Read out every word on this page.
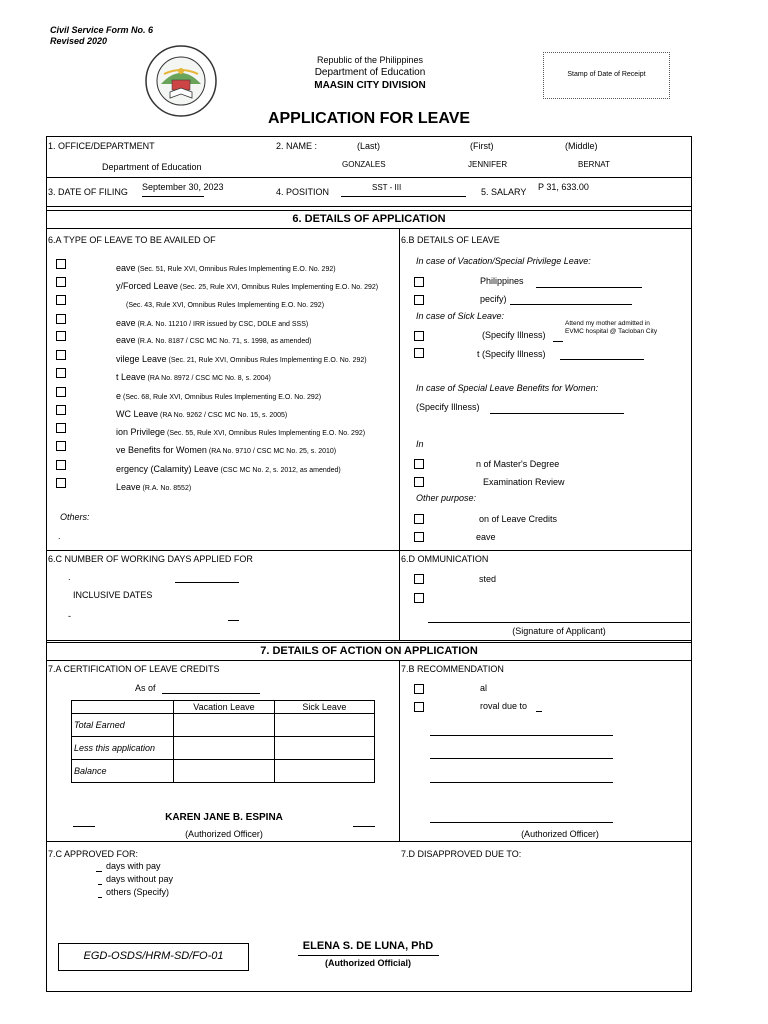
Civil Service Form No. 6
Revised 2020
Republic of the Philippines
Department of Education
MAASIN CITY DIVISION
Stamp of Date of Receipt
APPLICATION FOR LEAVE
1. OFFICE/DEPARTMENT
Department of Education
2. NAME :	(Last)	(First)	(Middle)
GONZALES	JENNIFER	BERNAT
3. DATE OF FILING September 30, 2023	4. POSITION	SST - III	5. SALARY P 31, 633.00
6. DETAILS OF APPLICATION
6.A TYPE OF LEAVE TO BE AVAILED OF
eave (Sec. 51, Rule XVI, Omnibus Rules Implementing E.O. No. 292)
y/Forced Leave (Sec. 25, Rule XVI, Omnibus Rules Implementing E.O. No. 292)
(Sec. 43, Rule XVI, Omnibus Rules Implementing E.O. No. 292)
eave (R.A. No. 11210 / IRR issued by CSC, DOLE and SSS)
eave (R.A. No. 8187 / CSC MC No. 71, s. 1998, as amended)
vilege Leave (Sec. 21, Rule XVI, Omnibus Rules Implementing E.O. No. 292)
t Leave (RA No. 8972 / CSC MC No. 8, s. 2004)
e (Sec. 68, Rule XVI, Omnibus Rules Implementing E.O. No. 292)
WC Leave (RA No. 9262 / CSC MC No. 15, s. 2005)
ion Privilege (Sec. 55, Rule XVI, Omnibus Rules Implementing E.O. No. 292)
ve Benefits for Women (RA No. 9710 / CSC MC No. 25, s. 2010)
ergency (Calamity) Leave (CSC MC No. 2, s. 2012, as amended)
Leave (R.A. No. 8552)
Others:
.
6.B DETAILS OF LEAVE
In case of Vacation/Special Privilege Leave:
Philippines
pecify)
In case of Sick Leave:
(Specify Illness)
Attend my mother admitted in
EVMC hospital @ Tacloban City
t (Specify Illness)
In case of Special Leave Benefits for Women:
(Specify Illness)
In
n of Master's Degree
Examination Review
Other purpose:
on of Leave Credits
eave
6.C NUMBER OF WORKING DAYS APPLIED FOR
.
INCLUSIVE DATES
-
6.D OMMUNICATION
sted
(Signature of Applicant)
7. DETAILS OF ACTION ON APPLICATION
7.A CERTIFICATION OF LEAVE CREDITS
As of
	Vacation Leave	Sick Leave
Total Earned		
Less this application		
Balance		
KAREN JANE B. ESPINA
(Authorized Officer)
7.B RECOMMENDATION
al
roval due to
(Authorized Officer)
7.C APPROVED FOR:
days with pay
days without pay
others (Specify)
7.D DISAPPROVED DUE TO:
EGD-OSDS/HRM-SD/FO-01
ELENA S. DE LUNA, PhD
(Authorized Official)
